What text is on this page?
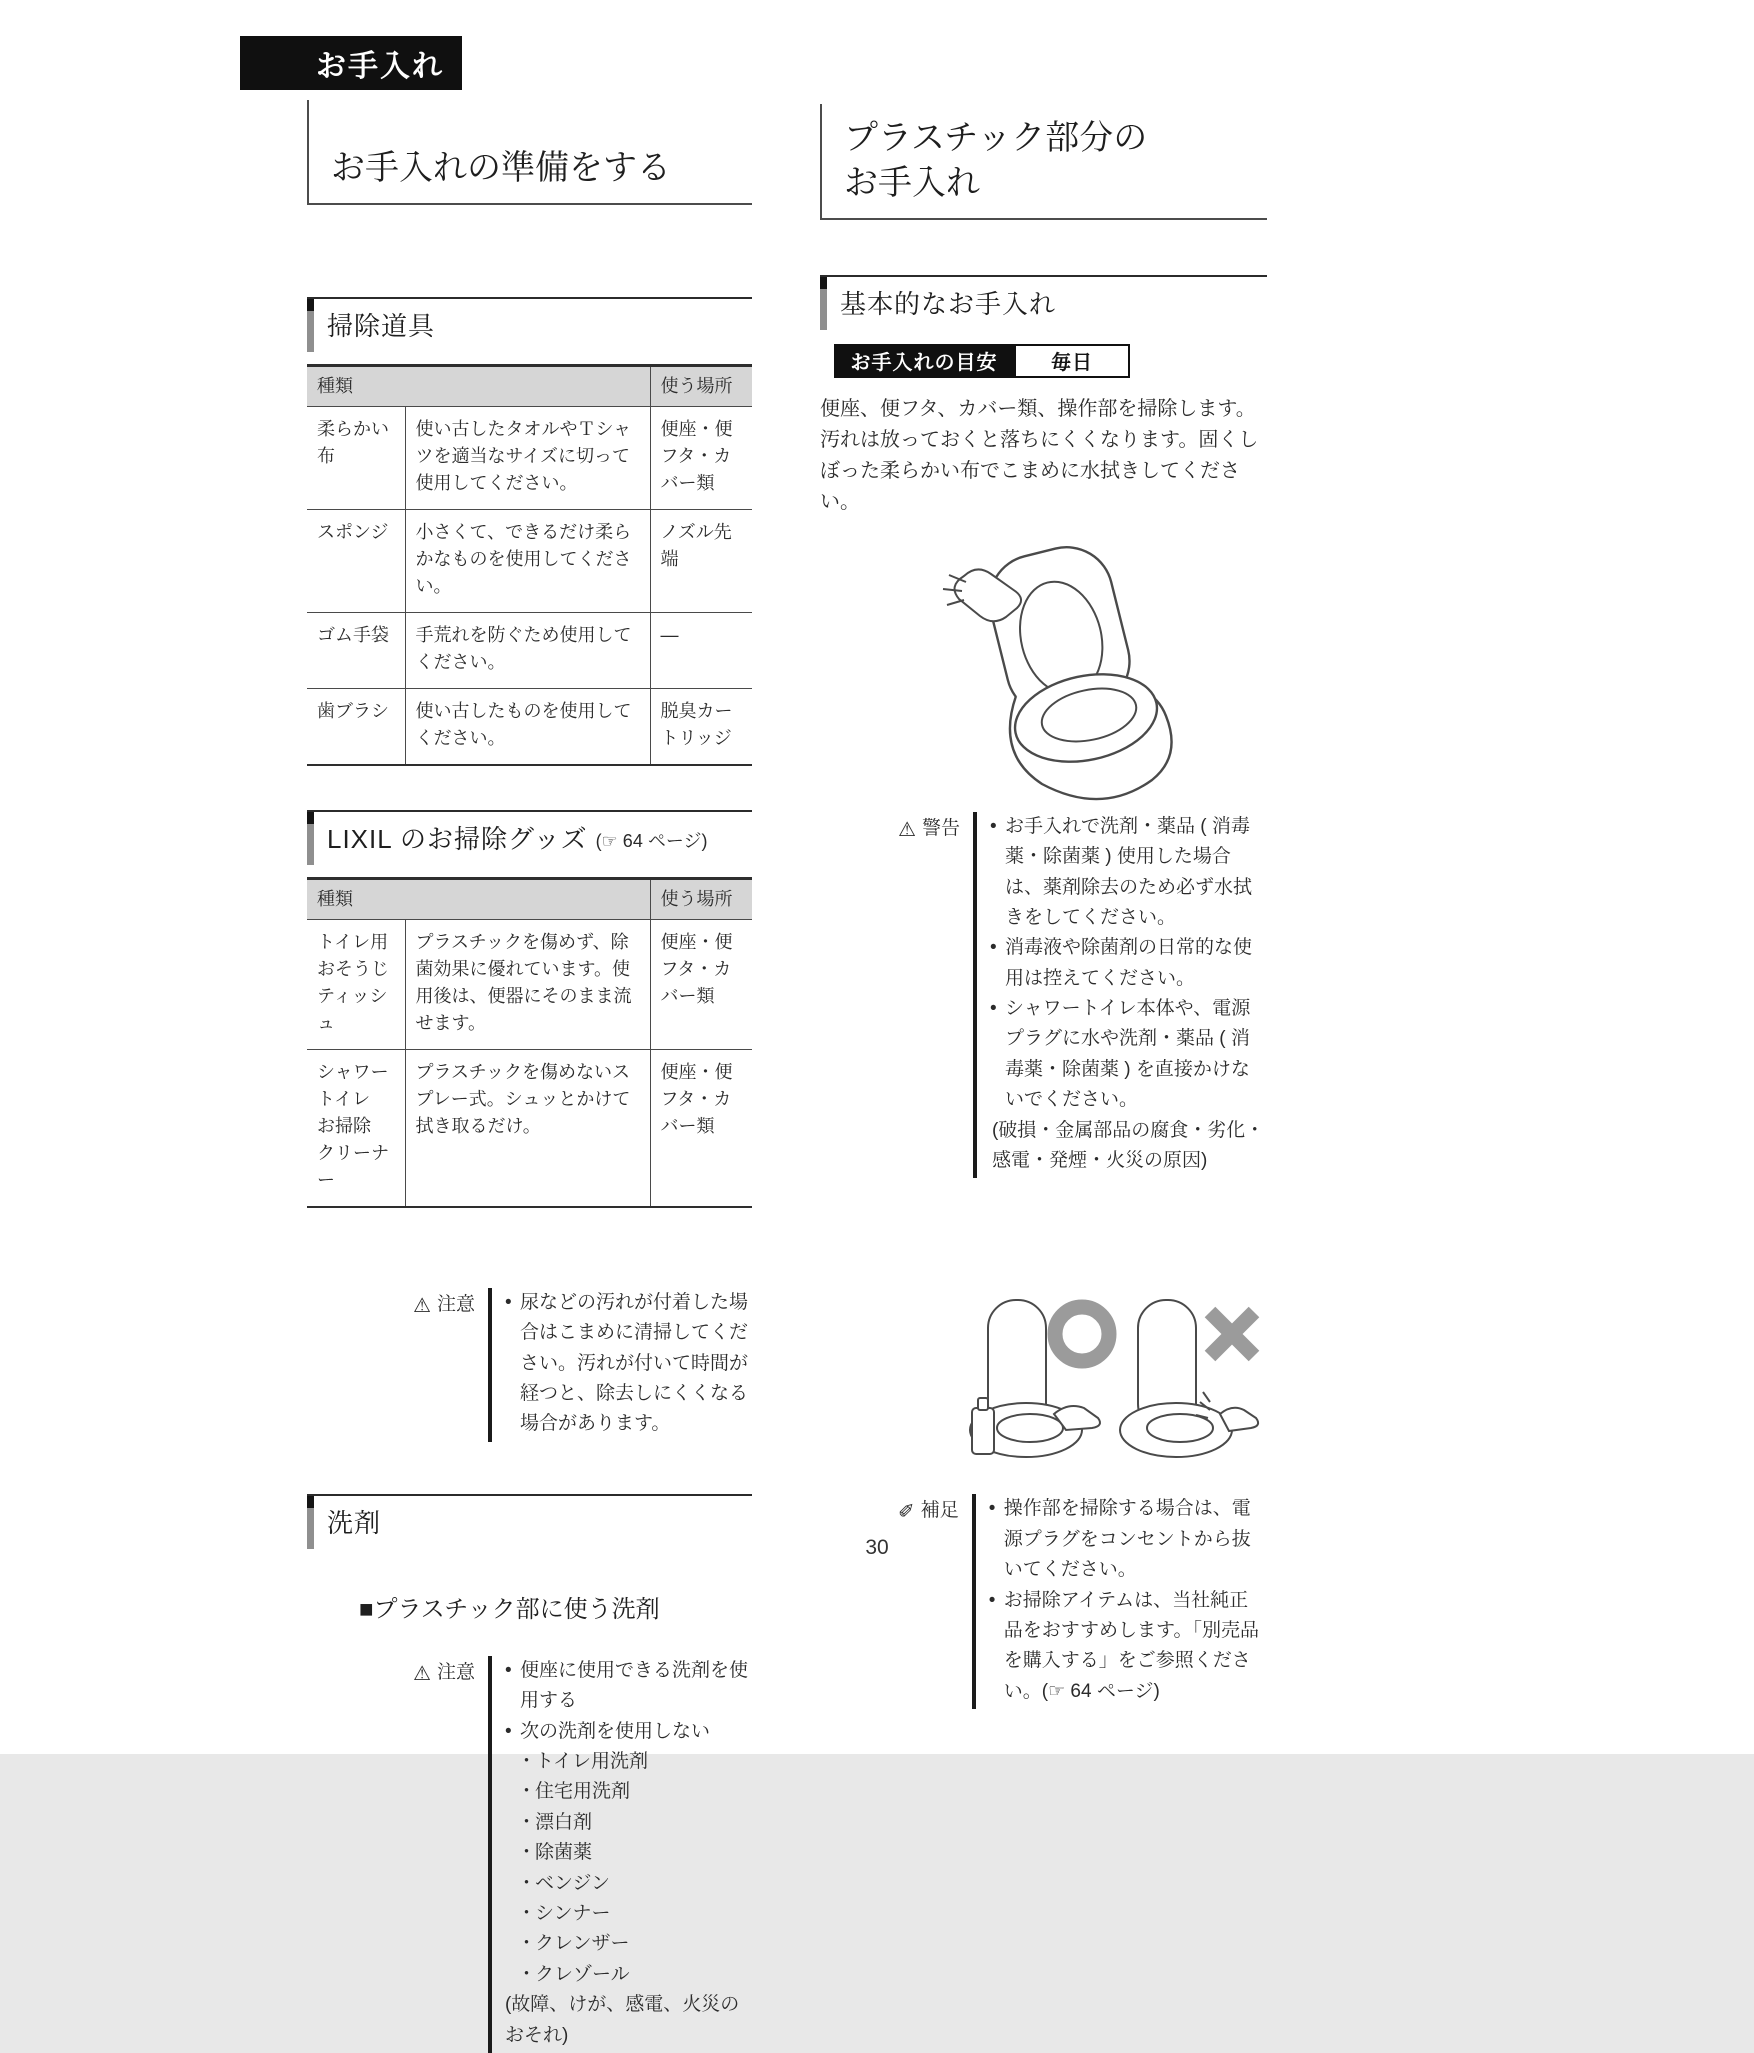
お手入れ
お手入れの準備をする
掃除道具
種類		使う場所
柔らかい布	使い古したタオルやＴシャツを適当なサイズに切って使用してください。	便座・便フタ・カバー類
スポンジ	小さくて、できるだけ柔らかなものを使用してください。	ノズル先端
ゴム手袋	手荒れを防ぐため使用してください。	—
歯ブラシ	使い古したものを使用してください。	脱臭カートリッジ
LIXIL のお掃除グッズ (☞ 64 ページ)
種類		使う場所
トイレ用
おそうじ
ティッシュ	プラスチックを傷めず、除菌効果に優れています。使用後は、便器にそのまま流せます。	便座・便フタ・カバー類
シャワー
トイレ
お掃除
クリーナー	プラスチックを傷めないスプレー式。シュッとかけて拭き取るだけ。	便座・便フタ・カバー類
⚠ 注意	• 尿などの汚れが付着した場合はこまめに清掃してください。汚れが付いて時間が経つと、除去しにくくなる場合があります。
洗剤
■プラスチック部に使う洗剤
⚠ 注意	• 便座に使用できる洗剤を使用する
• 次の洗剤を使用しない
・ トイレ用洗剤
・ 住宅用洗剤
・ 漂白剤
・ 除菌薬
・ ベンジン
・ シンナー
・ クレンザー
・ クレゾール

(故障、けが、感電、火災のおそれ)

プラスチック部分の
お手入れ
基本的なお手入れ
お手入れの目安	毎日

便座、便フタ、カバー類、操作部を掃除します。汚れは放っておくと落ちにくくなります。固くしぼった柔らかい布でこまめに水拭きしてください。

⚠ 警告	• お手入れで洗剤・薬品 ( 消毒薬・除菌薬 ) 使用した場合は、薬剤除去のため必ず水拭きをしてください。
• 消毒液や除菌剤の日常的な使用は控えてください。
• シャワートイレ本体や、電源プラグに水や洗剤・薬品 ( 消毒薬・除菌薬 ) を直接かけないでください。

(破損・金属部品の腐食・劣化・感電・発煙・火災の原因)

✐ 補足	• 操作部を掃除する場合は、電源プラグをコンセントから抜いてください。
• お掃除アイテムは、当社純正品をおすすめします。「別売品を購入する」をご参照ください。(☞ 64 ページ)
30
